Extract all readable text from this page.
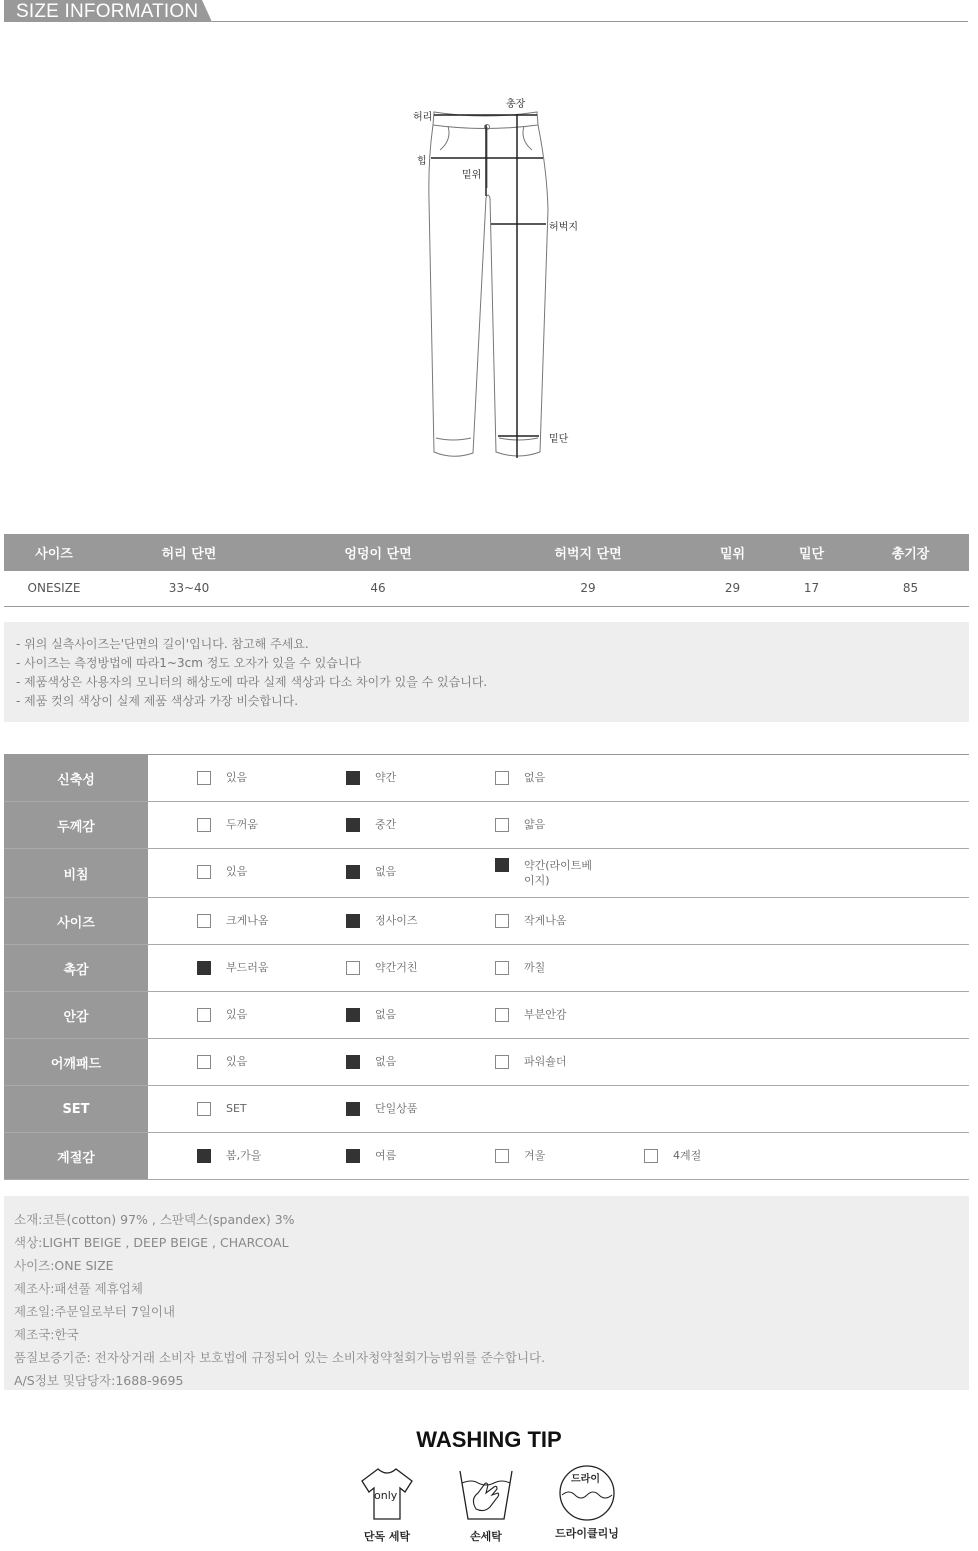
SIZE INFORMATION
허리
힙
밑위
총장
허벅지
밑단
사이즈	허리 단면	엉덩이 단면	허벅지 단면	밑위	밑단	총기장
ONESIZE	33~40	46	29	29	17	85
- 위의 실측사이즈는'단면의 길이'입니다. 참고해 주세요.
- 사이즈는 측정방법에 따라1~3cm 정도 오자가 있을 수 있습니다
- 제품색상은 사용자의 모니터의 해상도에 따라 실제 색상과 다소 차이가 있을 수 있습니다.
- 제품 컷의 색상이 실제 제품 색상과 가장 비슷합니다.
신축성	있음	약간	없음
두께감	두꺼움	중간	얇음
비침	있음	없음	약간(라이트베이지)
사이즈	크게나옴	정사이즈	작게나옴
촉감	부드러움	약간거친	까칠
안감	있음	없음	부분안감
어깨패드	있음	없음	파워숄더
SET	SET	단일상품
계절감	봄,가을	여름	겨울	4계절
소재:코튼(cotton) 97% , 스판덱스(spandex) 3%
색상:LIGHT BEIGE , DEEP BEIGE , CHARCOAL
사이즈:ONE SIZE
제조사:패션풀 제휴업체
제조일:주문일로부터 7일이내
제조국:한국
품질보증기준: 전자상거래 소비자 보호법에 규정되어 있는 소비자청약철회가능범위를 준수합니다.
A/S정보 및담당자:1688-9695
WASHING TIP
only
단독 세탁	손세탁
드라이
드라이클리닝
